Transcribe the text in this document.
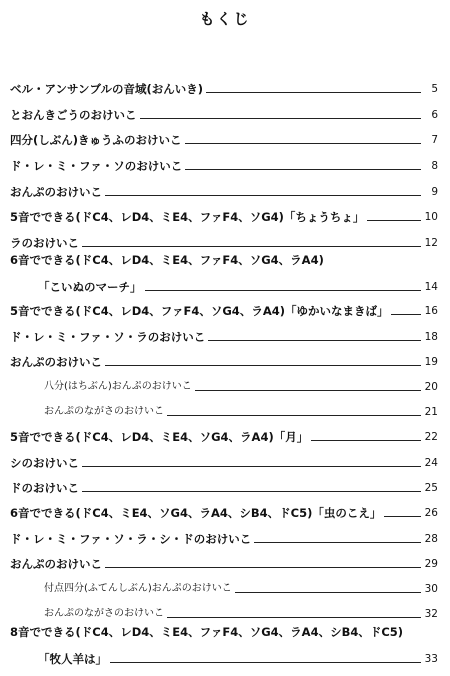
もくじ
ベル・アンサンブルの音域(おんいき)	5
とおんきごうのおけいこ	6
四分(しぶん)きゅうふのおけいこ	7
ド・レ・ミ・ファ・ソのおけいこ	8
おんぷのおけいこ	9
5音でできる(ドC4、レD4、ミE4、ファF4、ソG4)「ちょうちょ」	10
ラのおけいこ	12
6音でできる(ドC4、レD4、ミE4、ファF4、ソG4、ラA4)
「こいぬのマーチ」	14
5音でできる(ドC4、レD4、ファF4、ソG4、ラA4)「ゆかいなまきば」	16
ド・レ・ミ・ファ・ソ・ラのおけいこ	18
おんぷのおけいこ	19
八分(はちぶん)おんぷのおけいこ	20
おんぷのながさのおけいこ	21
5音でできる(ドC4、レD4、ミE4、ソG4、ラA4)「月」	22
シのおけいこ	24
ドのおけいこ	25
6音でできる(ドC4、ミE4、ソG4、ラA4、シB4、ドC5)「虫のこえ」	26
ド・レ・ミ・ファ・ソ・ラ・シ・ドのおけいこ	28
おんぷのおけいこ	29
付点四分(ふてんしぶん)おんぷのおけいこ	30
おんぷのながさのおけいこ	32
8音でできる(ドC4、レD4、ミE4、ファF4、ソG4、ラA4、シB4、ドC5)
「牧人羊は」	33
